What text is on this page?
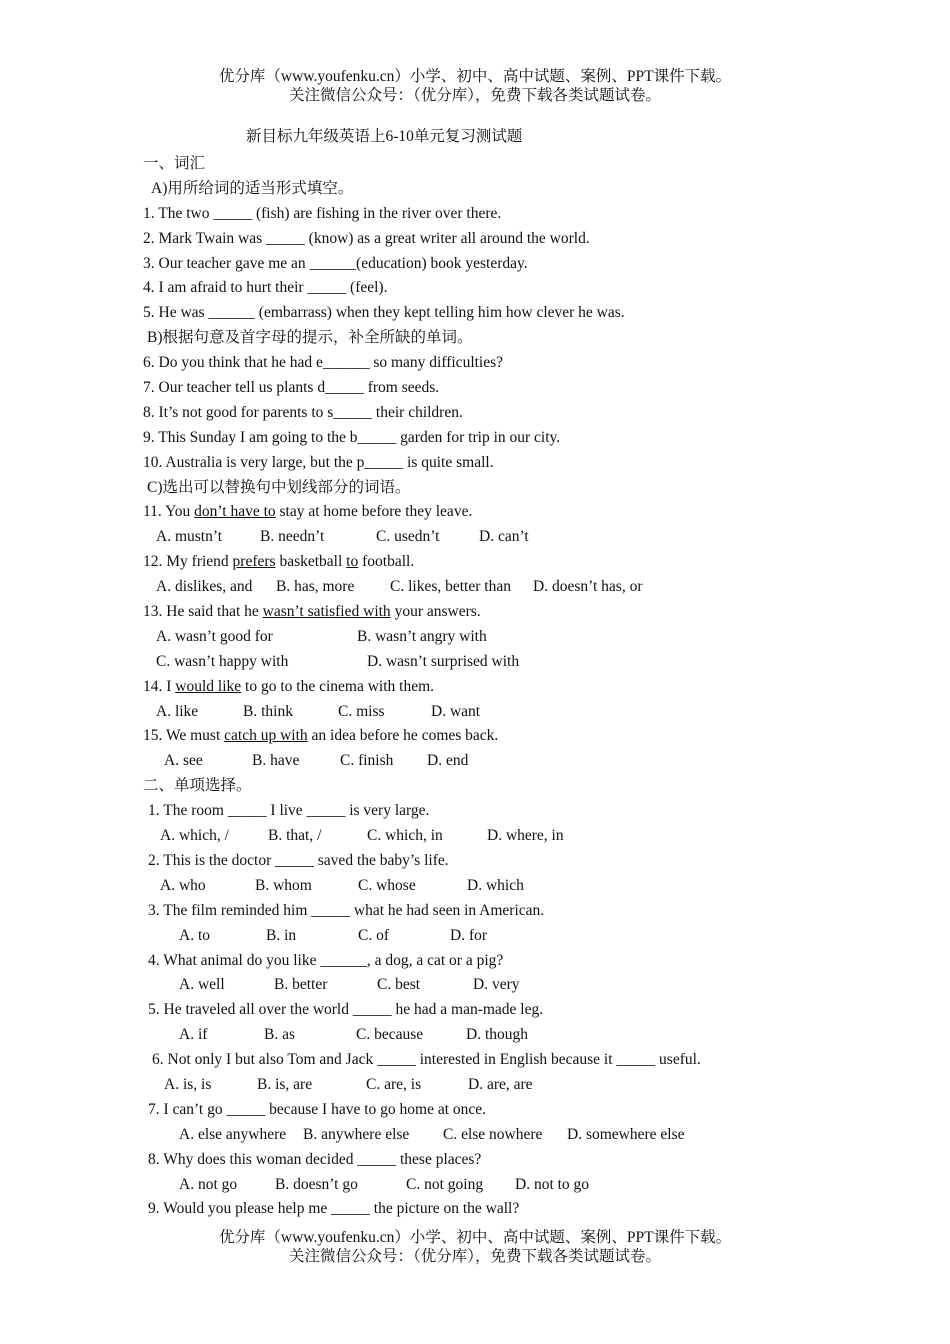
优分库（www.youfenku.cn）小学、初中、高中试题、案例、PPT课件下载。
关注微信公众号：（优分库），免费下载各类试题试卷。
新目标九年级英语上6-10单元复习测试题
一、词汇
A)用所给词的适当形式填空。
1. The two _____ (fish) are fishing in the river over there.
2. Mark Twain was _____ (know) as a great writer all around the world.
3. Our teacher gave me an ______(education) book yesterday.
4. I am afraid to hurt their _____ (feel).
5. He was ______ (embarrass) when they kept telling him how clever he was.
B)根据句意及首字母的提示，补全所缺的单词。
6. Do you think that he had e______ so many difficulties?
7. Our teacher tell us plants d_____ from seeds.
8. It’s not good for parents to s_____ their children.
9. This Sunday I am going to the b_____ garden for trip in our city.
10. Australia is very large, but the p_____ is quite small.
C)选出可以替换句中划线部分的词语。
11. You don’t have to stay at home before they leave.
A. mustn’t B. needn’t	C. usedn’t	D. can’t
12. My friend prefers basketball to football.
A. dislikes, and B. has, more C. likes, better than D. doesn’t has, or
13. He said that he wasn’t satisfied with your answers.
A. wasn’t good for	B. wasn’t angry with
C. wasn’t happy with	D. wasn’t surprised with
14. I would like to go to the cinema with them.
A. like	B. think	C. miss	D. want
15. We must catch up with an idea before he comes back.
A. see	B. have	C. finish D. end
二、单项选择。
1. The room _____ I live _____ is very large.
A. which, /	B. that, /	C. which, in	D. where, in
2. This is the doctor _____ saved the baby’s life.
A. who	B. whom	C. whose	D. which
3. The film reminded him _____ what he had seen in American.
A. to	B. in	C. of	D. for
4. What animal do you like ______, a dog, a cat or a pig?
A. well	B. better	C. best	D. very
5. He traveled all over the world _____ he had a man-made leg.
A. if	B. as	C. because	D. though
6. Not only I but also Tom and Jack _____ interested in English because it _____ useful.
A. is, is	B. is, are	C. are, is	D. are, are
7. I can’t go _____ because I have to go home at once.
A. else anywhere B. anywhere else C. else nowhere D. somewhere else
8. Why does this woman decided _____ these places?
A. not go B. doesn’t go	C. not going D. not to go
9. Would you please help me _____ the picture on the wall?
优分库（www.youfenku.cn）小学、初中、高中试题、案例、PPT课件下载。
关注微信公众号：（优分库），免费下载各类试题试卷。
